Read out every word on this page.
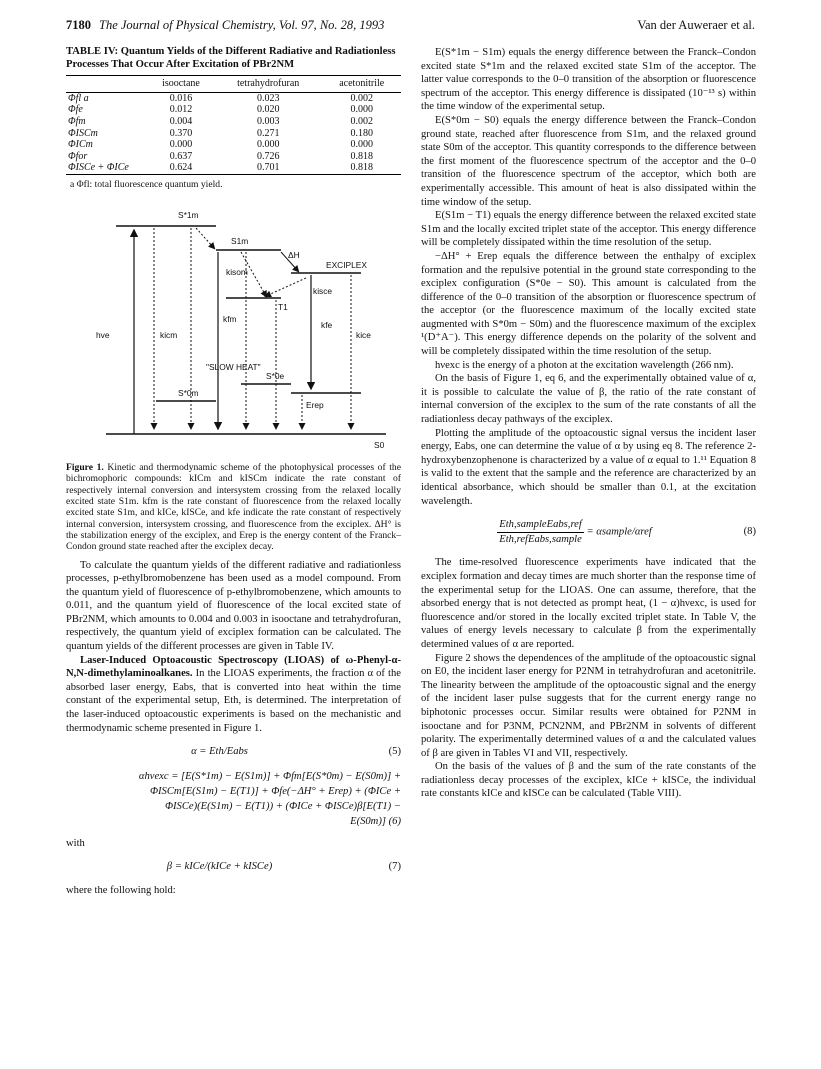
7180 The Journal of Physical Chemistry, Vol. 97, No. 28, 1993	Van der Auweraer et al.
TABLE IV: Quantum Yields of the Different Radiative and Radiationless Processes That Occur After Excitation of PBr2NM
	isooctane	tetrahydrofuran	acetonitrile
Φfl a	0.016	0.023	0.002
Φfe	0.012	0.020	0.000
Φfm	0.004	0.003	0.002
ΦISCm	0.370	0.271	0.180
ΦICm	0.000	0.000	0.000
Φfor	0.637	0.726	0.818
ΦISCe + ΦICe	0.624	0.701	0.818
a Φfl: total fluorescence quantum yield.
S*1m
S1m
ΔH
EXCIPLEX
kisom
kisce
T1
kfm
kfe
kice
hve	kicm
"SLOW HEAT"
S*0e
S*0m
Erep
S0
Figure 1. Kinetic and thermodynamic scheme of the photophysical processes of the bichromophoric compounds: kICm and kISCm indicate the rate constant of respectively internal conversion and intersystem crossing from the relaxed locally excited state S1m. kfm is the rate constant of fluorescence from the relaxed locally excited state S1m, and kICe, kISCe, and kfe indicate the rate constant of respectively internal conversion, intersystem crossing, and fluorescence from the exciplex. ΔH° is the stabilization energy of the exciplex, and Erep is the energy content of the Franck–Condon ground state reached after the exciplex decay.

To calculate the quantum yields of the different radiative and radiationless processes, p-ethylbromobenzene has been used as a model compound. From the quantum yield of fluorescence of p-ethylbromobenzene, which amounts to 0.011, and the quantum yield of fluorescence of the local excited state of PBr2NM, which amounts to 0.004 and 0.003 in isooctane and tetrahydrofuran, respectively, the quantum yield of exciplex formation can be calculated. The quantum yields of the different processes are given in Table IV.

Laser-Induced Optoacoustic Spectroscopy (LIOAS) of ω-Phenyl-α-N,N-dimethylaminoalkanes. In the LIOAS experiments, the fraction α of the absorbed laser energy, Eabs, that is converted into heat within the time constant of the experimental setup, Eth, is determined. The interpretation of the laser-induced optoacoustic experiments is based on the mechanistic and thermodynamic scheme presented in Figure 1.

α = Eth/Eabs	(5)
αhνexc = [E(S*1m) − E(S1m)] + Φfm[E(S*0m) − E(S0m)] +
ΦISCm[E(S1m) − E(T1)] + Φfe(−ΔH° + Erep) + (ΦICe +
ΦISCe)(E(S1m) − E(T1)) + (ΦICe + ΦISCe)β[E(T1) −
E(S0m)] (6)

with

β = kICe/(kICe + kISCe)	(7)

where the following hold:

E(S*1m − S1m) equals the energy difference between the Franck–Condon excited state S*1m and the relaxed excited state S1m of the acceptor. The latter value corresponds to the 0–0 transition of the absorption or fluorescence spectrum of the acceptor. This energy difference is dissipated (10⁻¹³ s) within the time window of the experimental setup.

E(S*0m − S0) equals the energy difference between the Franck–Condon ground state, reached after fluorescence from S1m, and the relaxed ground state S0m of the acceptor. This quantity corresponds to the difference between the first moment of the fluorescence spectrum of the acceptor and the 0–0 transition of the fluorescence spectrum of the acceptor, which both are experimentally accessible. This amount of heat is also dissipated within the time window of the setup.

E(S1m − T1) equals the energy difference between the relaxed excited state S1m and the locally excited triplet state of the acceptor. This energy difference will be completely dissipated within the time resolution of the setup.

−ΔH° + Erep equals the difference between the enthalpy of exciplex formation and the repulsive potential in the ground state corresponding to the exciplex configuration (S*0e − S0). This amount is calculated from the difference of the 0–0 transition of the absorption or fluorescence spectrum of the acceptor (or the fluorescence maximum of the locally excited state augmented with S*0m − S0m) and the fluorescence maximum of the exciplex ¹(D⁺A⁻). This energy difference depends on the polarity of the solvent and will be completely dissipated within the time resolution of the setup.

hνexc is the energy of a photon at the excitation wavelength (266 nm).

On the basis of Figure 1, eq 6, and the experimentally obtained value of α, it is possible to calculate the value of β, the ratio of the rate constant of internal conversion of the exciplex to the sum of the rate constants of all the radiationless decay pathways of the exciplex.

Plotting the amplitude of the optoacoustic signal versus the incident laser energy, Eabs, one can determine the value of α by using eq 8. The reference 2-hydroxybenzophenone is characterized by a value of α equal to 1.¹¹ Equation 8 is valid to the extent that the sample and the reference are characterized by an identical absorbance, which should be smaller than 0.1, at the excitation wavelength.

$\frac{\text{Eth,sampleEabs,ref}}{\text{Eth,refEabs,sample}}$ = αsample/αref	(8)

The time-resolved fluorescence experiments have indicated that the exciplex formation and decay times are much shorter than the response time of the experimental setup for the LIOAS. One can assume, therefore, that the absorbed energy that is not detected as prompt heat, (1 − α)hνexc, is used for fluorescence and/or stored in the locally excited triplet state. In Table V, the values of energy levels necessary to calculate β from the experimentally determined values of α are reported.

Figure 2 shows the dependences of the amplitude of the optoacoustic signal on E0, the incident laser energy for P2NM in tetrahydrofuran and acetonitrile. The linearity between the amplitude of the optoacoustic signal and the energy of the incident laser pulse suggests that for the current energy range no biphotonic processes occur. Similar results were obtained for P2NM in isooctane and for P3NM, PCN2NM, and PBr2NM in solvents of different polarity. The experimentally determined values of α and the calculated values of β are given in Tables VI and VII, respectively.

On the basis of the values of β and the sum of the rate constants of the radiationless decay processes of the exciplex, kICe + kISCe, the individual rate constants kICe and kISCe can be calculated (Table VIII).
